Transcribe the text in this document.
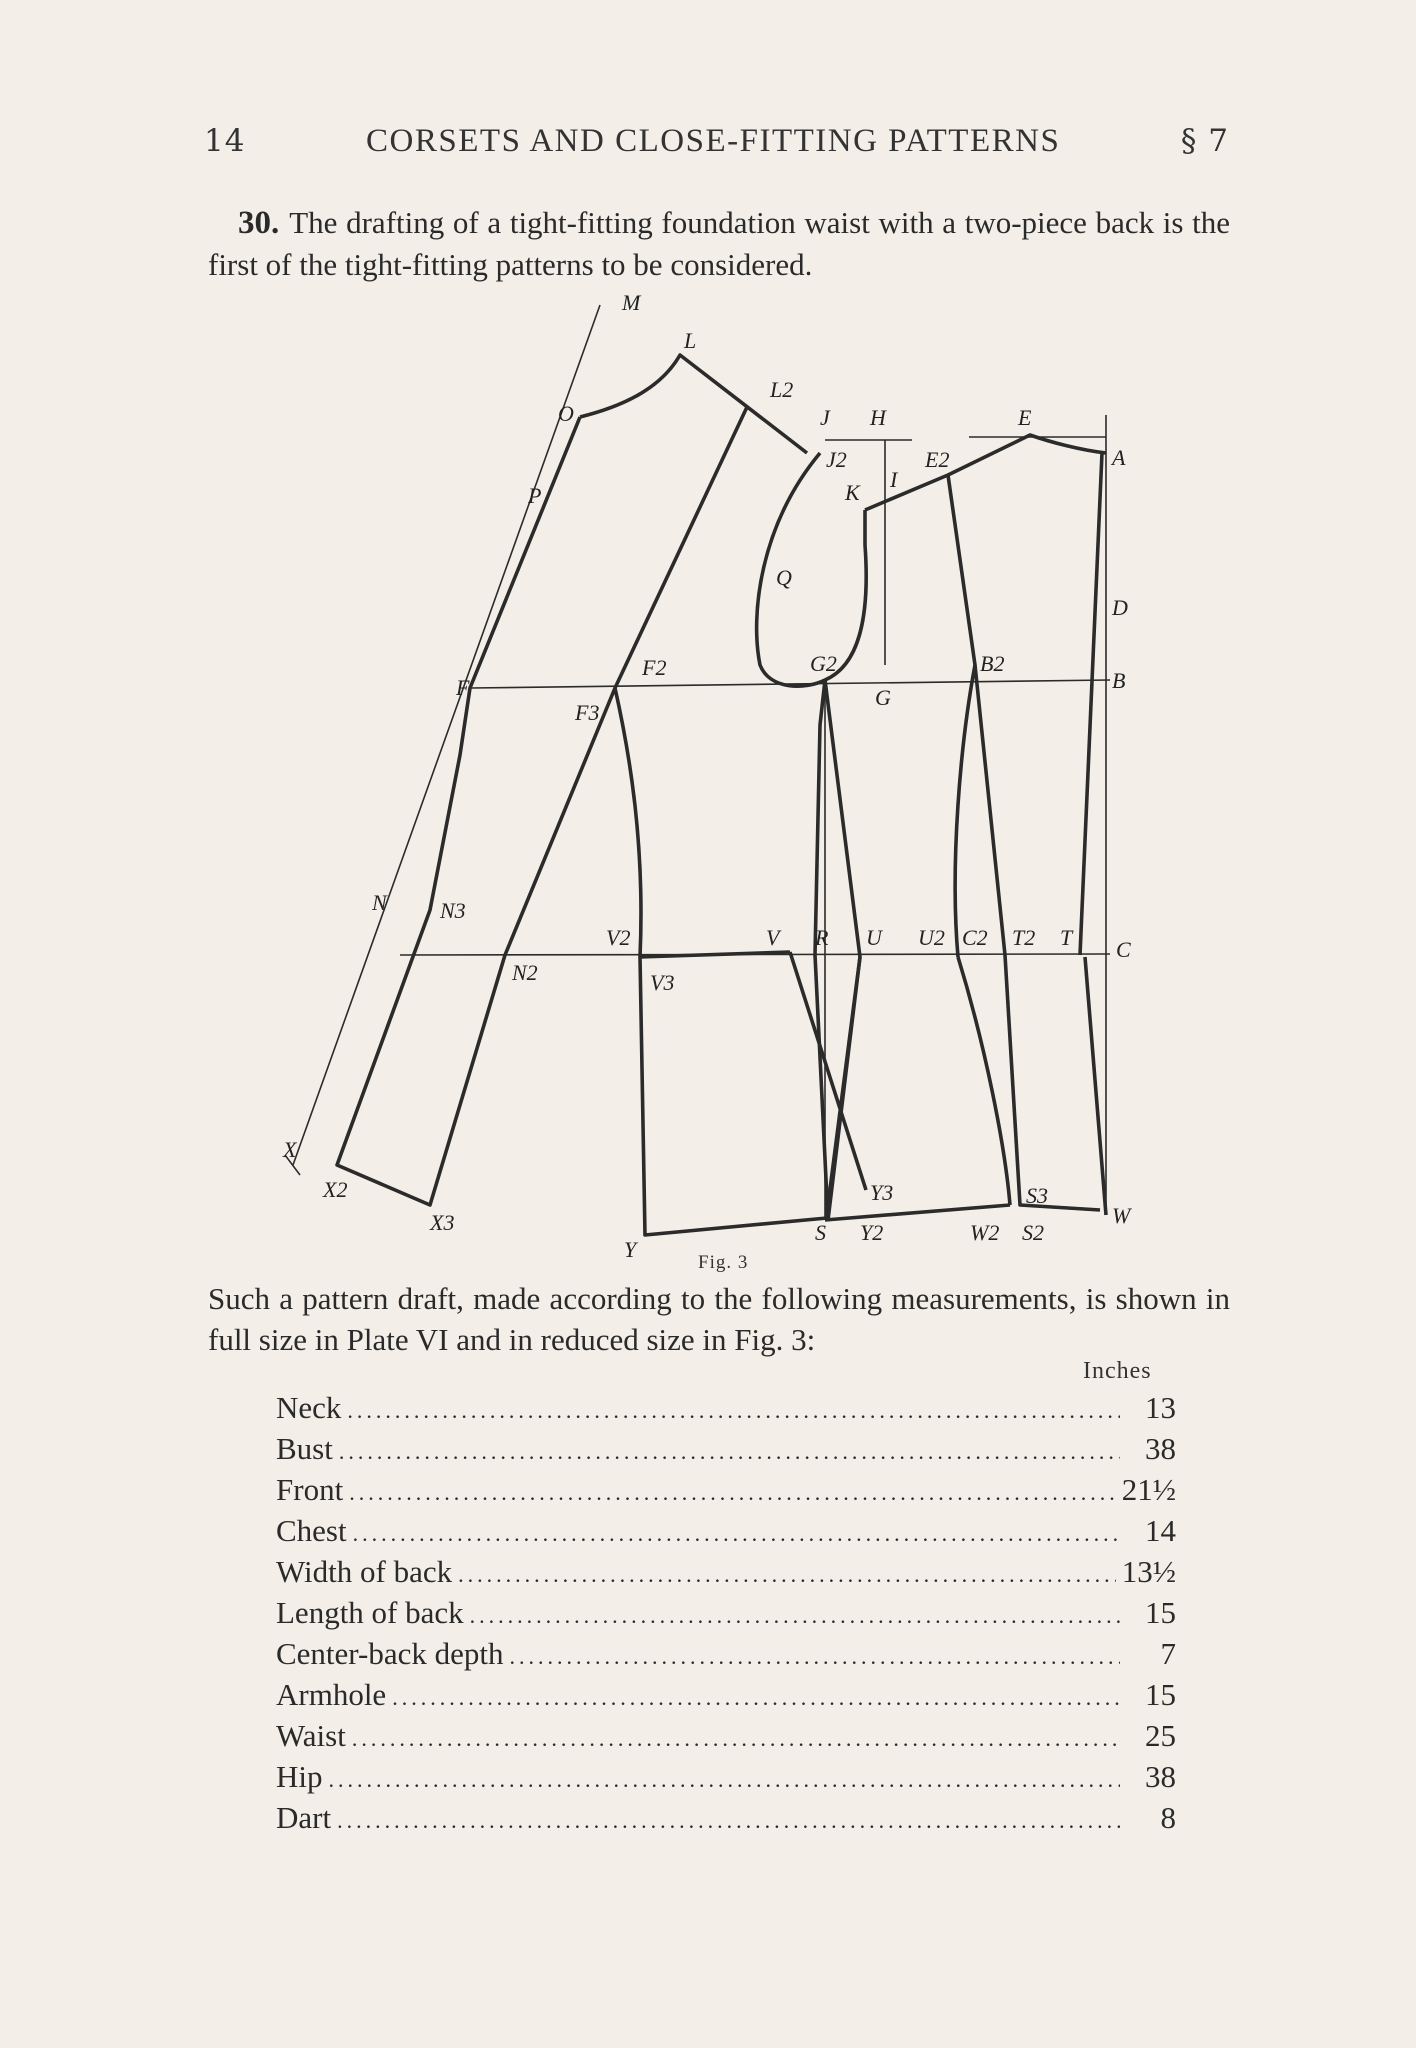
14	CORSETS AND CLOSE-FITTING PATTERNS	§ 7
30. The drafting of a tight-fitting foundation waist with a two-piece back is the first of the tight-fitting patterns to be considered.
M
L
L2
J H	E
A
O
J2	E2
K
I
P
Q
D
F
F2	G2	B2
B
G
F3
N N3
N2
V2
V3
V R U U2 C2 T2 T C
X
X2
X3
Y
Y3
S Y2	W2 S2
S3
W
Fig. 3
Such a pattern draft, made according to the following measurements, is shown in full size in Plate VI and in reduced size in Fig. 3:
Inches
Neck .....	13
Bust .....	38
Front .....	21½
Chest .....	14
Width of back .....	13½
Length of back .....	15
Center-back depth .....	7
Armhole .....	15
Waist .....	25
Hip .....	38
Dart .....	8
